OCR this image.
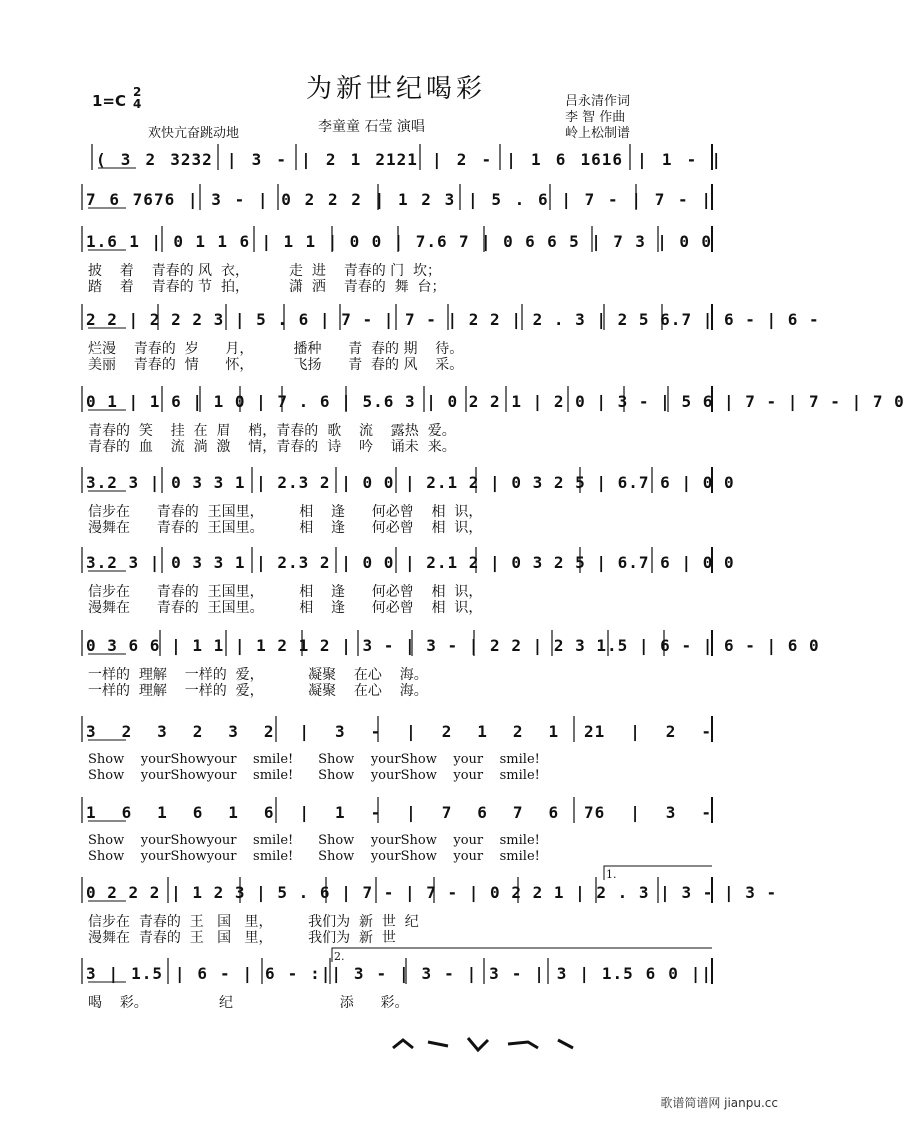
为新世纪喝彩
1=C 2
4
欢快亢奋跳动地	李童童 石莹 演唱
吕永清作词
李 智 作曲
岭上松制谱
( 3 2 3232 | 3 - | 2 1 2121 | 2 - | 1 6 1616 | 1 - |
7 6 7676 | 3 - | 0 2 2 2 | 1 2 3 | 5 . 6 | 7 - | 7 - |
1.6 1 | 0 1 1 6 | 1 1 | 0 0 | 7.6 7 | 0 6 6 5 | 7 3 | 0 0
披    着    青春的 风  衣，         走  进    青春的 门  坎；
踏    着    青春的 节  拍，         潇  洒    青春的  舞  台；
2 2 | 2 2 2 3 | 5 . 6 | 7 - | 7 - | 2 2 | 2 . 3 | 2 5 6.7 | 6 - | 6 -
烂漫    青春的  岁      月，         播种      青  春的 期    待。
美丽    青春的  情      怀，         飞扬      青  春的 风    采。
0 1 | 1 6 | 1 0 | 7 . 6 | 5.6 3 | 0 2 2 1 | 2 0 | 3 - | 5 6 | 7 - | 7 - | 7 0
青春的  笑    挂  在  眉    梢，青春的  歌    流    露热  爱。
青春的  血    流  淌  激    情，青春的  诗    吟    诵未  来。
3.2 3 | 0 3 3 1 | 2.3 2 | 0 0 | 2.1 2 | 0 3 2 5 | 6.7 6 | 0 0
信步在      青春的  王国里，        相    逢      何必曾    相  识，
漫舞在      青春的  王国里。        相    逢      何必曾    相  识，
3.2 3 | 0 3 3 1 | 2.3 2 | 0 0 | 2.1 2 | 0 3 2 5 | 6.7 6 | 0 0
信步在      青春的  王国里，        相    逢      何必曾    相  识，
漫舞在      青春的  王国里。        相    逢      何必曾    相  识，
0 3 6 6 | 1 1 | 1 2 1 2 | 3 - | 3 - | 2 2 | 2 3 1.5 | 6 - | 6 - | 6 0
一样的  理解    一样的  爱，          凝聚    在心    海。
一样的  理解    一样的  爱，          凝聚    在心    海。
3 2 3 2 3 2 | 3 - | 2 1 2 1 21 | 2 -
Show    yourShowyour    smile!      Show    yourShow    your    smile!
Show    yourShowyour    smile!      Show    yourShow    your    smile!
1 6 1 6 1 6 | 1 - | 7 6 7 6 76 | 3 -
Show    yourShowyour    smile!      Show    yourShow    your    smile!
Show    yourShowyour    smile!      Show    yourShow    your    smile!
0 2 2 2 | 1 2 3 | 5 . 6 | 7 - | 7 - | 0 2 2 1 | 2 . 3 | 3 - | 3 -
信步在  青春的  王   国   里，        我们为  新  世  纪
漫舞在  青春的  王   国   里，        我们为  新  世
3 | 1.5 | 6 - | 6 - :|| 3 - | 3 - | 3 - | 3 | 1.5 6 0 ||
喝    彩。                纪                        添      彩。
歌谱简谱网 jianpu.cc
1.
2.
